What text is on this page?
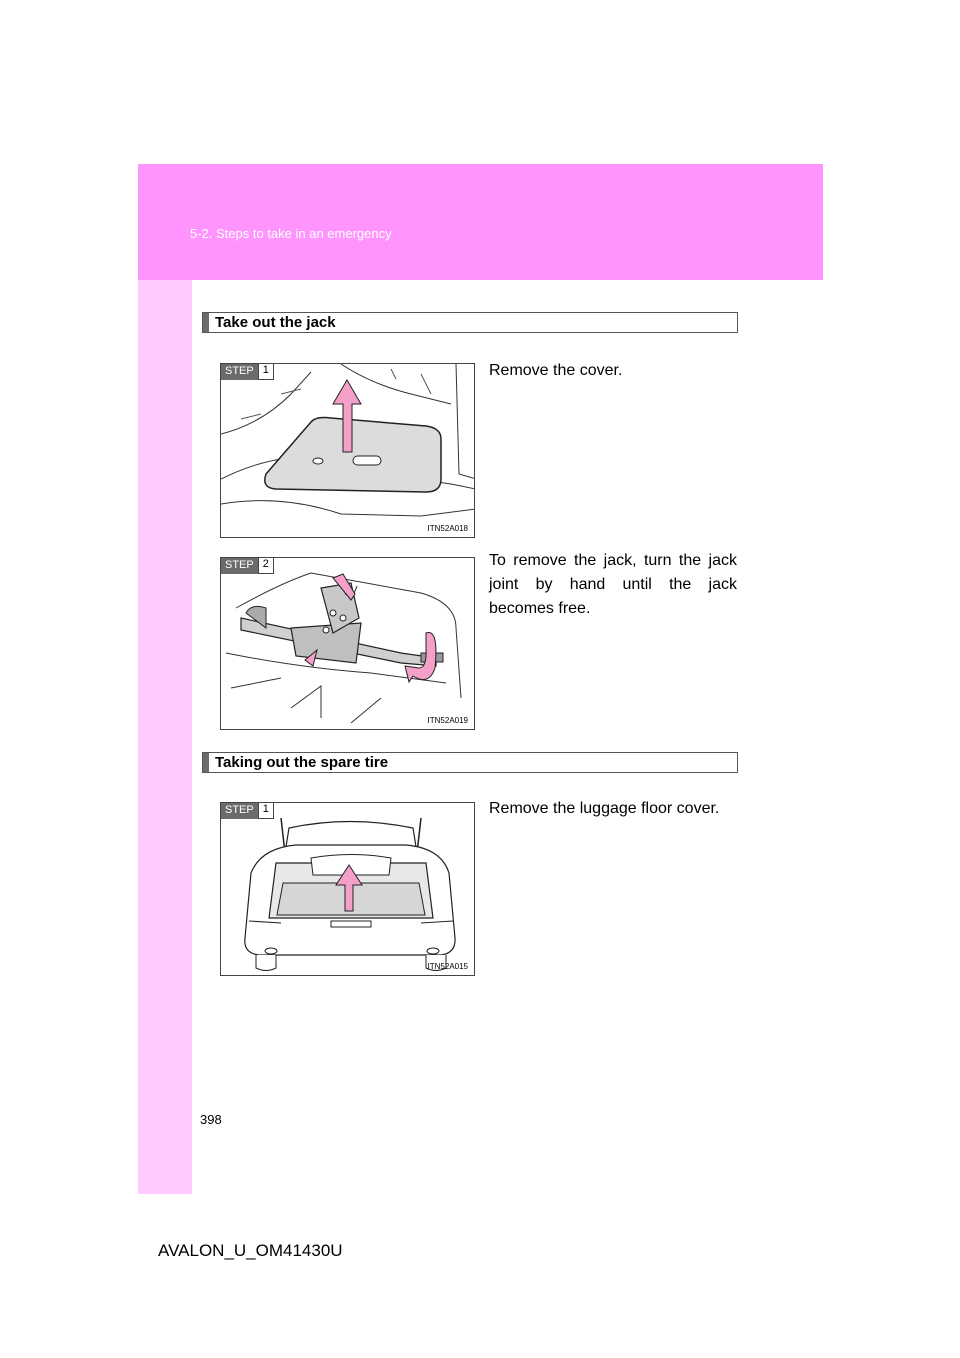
5-2. Steps to take in an emergency
Take out the jack
STEP 1
ITN52A018
Remove the cover.
STEP 2
ITN52A019
To remove the jack, turn the jack joint by hand until the jack becomes free.
Taking out the spare tire
STEP 1
ITN52A015
Remove the luggage floor cover.
398
AVALON_U_OM41430U
